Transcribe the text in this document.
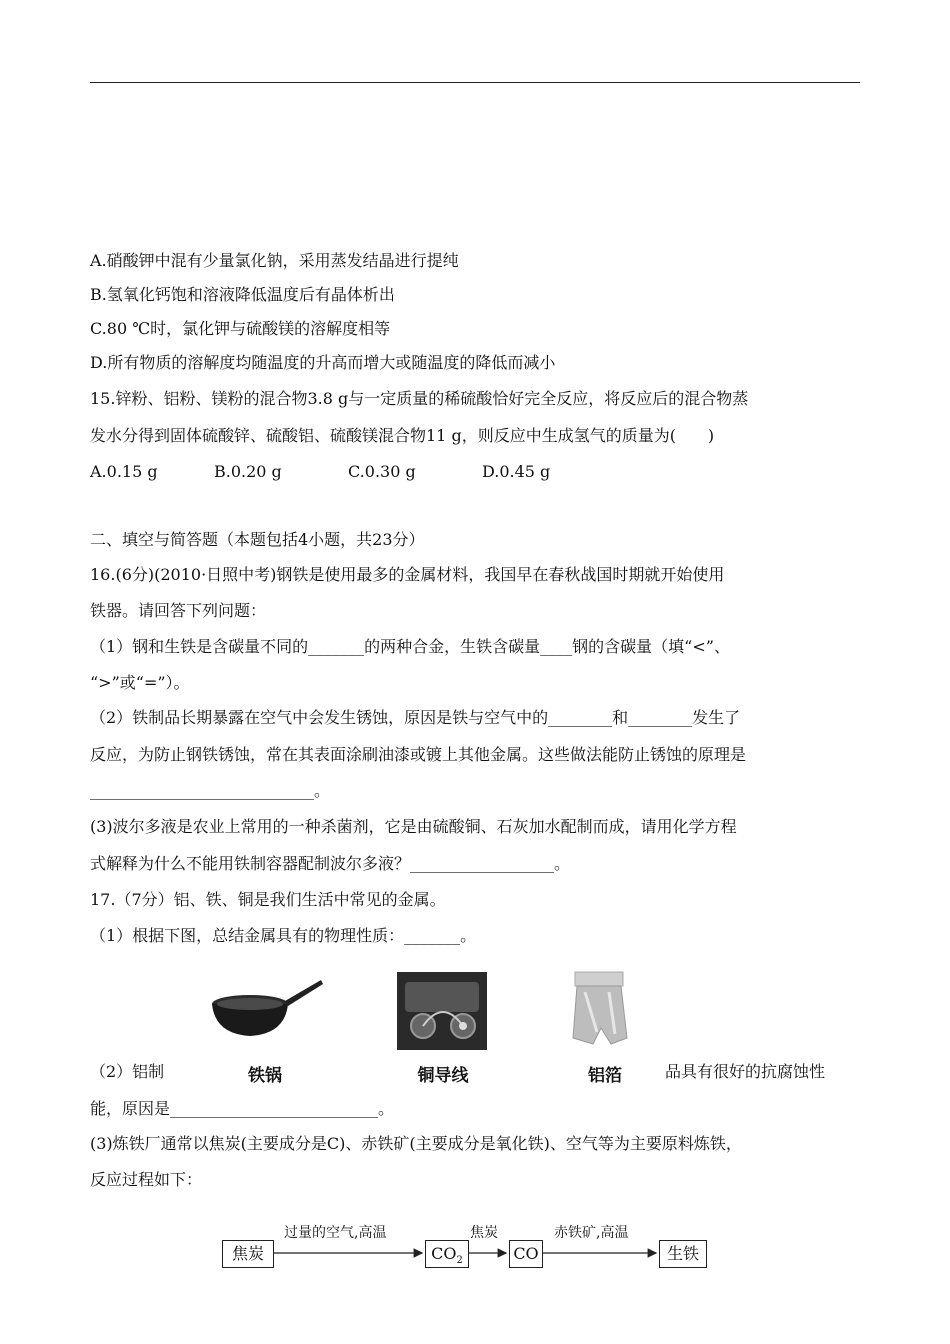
A.硝酸钾中混有少量氯化钠，采用蒸发结晶进行提纯
B.氢氧化钙饱和溶液降低温度后有晶体析出
C.80 ℃时，氯化钾与硫酸镁的溶解度相等
D.所有物质的溶解度均随温度的升高而增大或随温度的降低而减小
15.锌粉、铝粉、镁粉的混合物3.8 g与一定质量的稀硫酸恰好完全反应，将反应后的混合物蒸
发水分得到固体硫酸锌、硫酸铝、硫酸镁混合物11 g，则反应中生成氢气的质量为(　　)
A.0.15 g	B.0.20 g	C.0.30 g	D.0.45 g
二、填空与简答题（本题包括4小题，共23分）
16.(6分)(2010·日照中考)钢铁是使用最多的金属材料，我国早在春秋战国时期就开始使用
铁器。请回答下列问题：
（1）钢和生铁是含碳量不同的_______的两种合金，生铁含碳量____钢的含碳量（填“<”、
“>”或“=”）。
（2）铁制品长期暴露在空气中会发生锈蚀，原因是铁与空气中的________和________发生了
反应，为防止钢铁锈蚀，常在其表面涂刷油漆或镀上其他金属。这些做法能防止锈蚀的原理是
____________________________。
(3)波尔多液是农业上常用的一种杀菌剂，它是由硫酸铜、石灰加水配制而成，请用化学方程
式解释为什么不能用铁制容器配制波尔多液？__________________。
17.（7分）铝、铁、铜是我们生活中常见的金属。
（1）根据下图，总结金属具有的物理性质：_______。
铁锅	铜导线	铝箔
（2）铝制	品具有很好的抗腐蚀性
能，原因是__________________________。
(3)炼铁厂通常以焦炭(主要成分是C)、赤铁矿(主要成分是氧化铁)、空气等为主要原料炼铁，
反应过程如下：
焦炭
过量的空气,高温
$CO_2$
焦炭
CO
赤铁矿,高温
生铁
